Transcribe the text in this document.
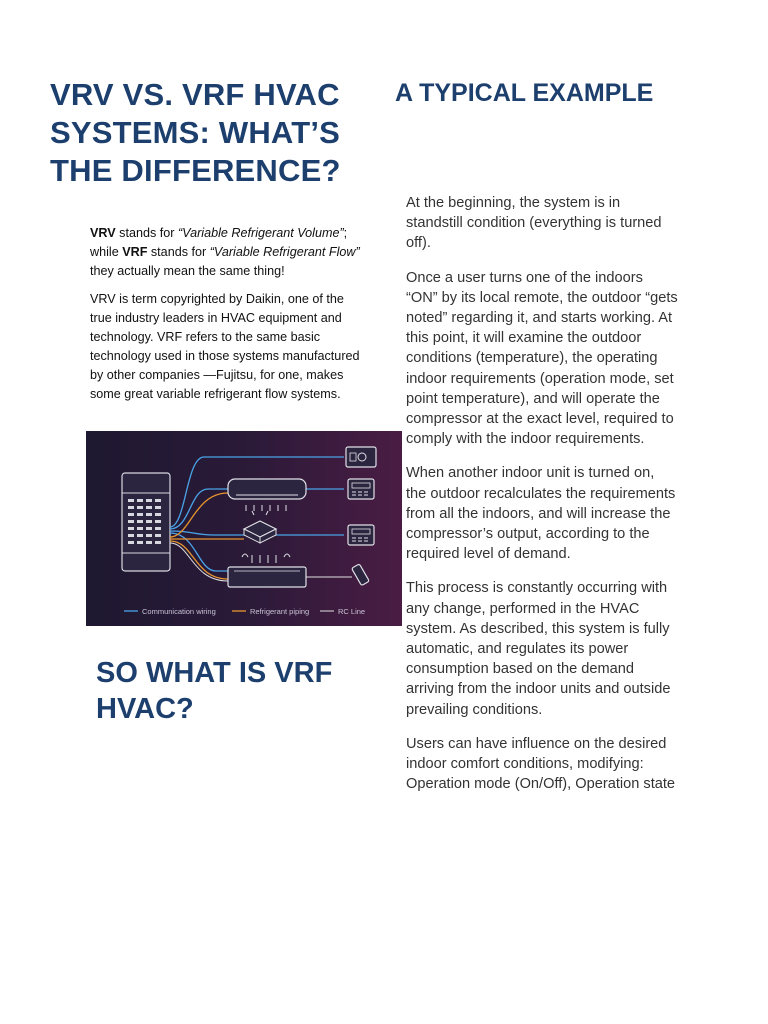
VRV VS. VRF HVAC SYSTEMS: WHAT’S THE DIFFERENCE?

VRV stands for “Variable Refrigerant Volume”; while VRF stands for “Variable Refrigerant Flow” they actually mean the same thing!

VRV is term copyrighted by Daikin, one of the true industry leaders in HVAC equipment and technology. VRF refers to the same basic technology used in those systems manufactured by other companies —Fujitsu, for one, makes some great variable refrigerant flow systems.

Communication wiring	Refrigerant piping	RC Line
SO WHAT IS VRF HVAC?
A TYPICAL EXAMPLE

At the beginning, the system is in standstill condition (everything is turned off).

Once a user turns one of the indoors “ON” by its local remote, the outdoor “gets noted” regarding it, and starts working. At this point, it will examine the outdoor conditions (temperature), the operating indoor requirements (operation mode, set point temperature), and will operate the compressor at the exact level, required to comply with the indoor requirements.

When another indoor unit is turned on, the outdoor recalculates the requirements from all the indoors, and will increase the compressor’s output, according to the required level of demand.

This process is constantly occurring with any change, performed in the HVAC system. As described, this system is fully automatic, and regulates its power consumption based on the demand arriving from the indoor units and outside prevailing conditions.

Users can have influence on the desired indoor comfort conditions, modifying: Operation mode (On/Off), Operation state
